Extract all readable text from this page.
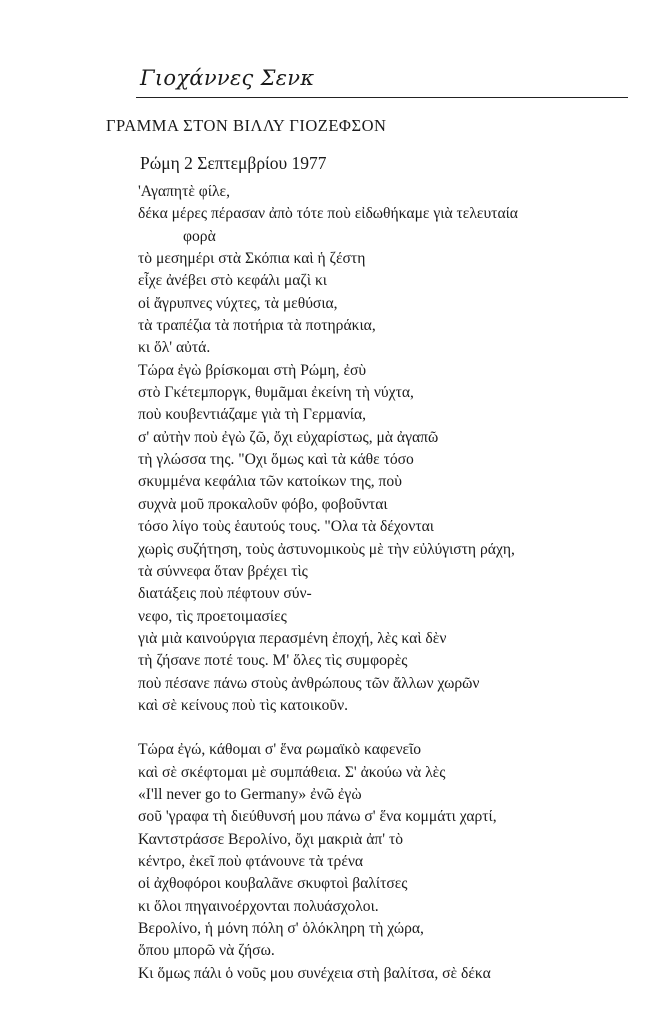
Γιοχάννες Σενκ
ΓΡΑΜΜΑ ΣΤΟΝ ΒΙΛΛΥ ΓΙΟΖΕΦΣΟΝ
Ρώμη 2 Σεπτεμβρίου 1977
'Αγαπητὲ φίλε,
δέκα μέρες πέρασαν ἀπὸ τότε ποὺ εἰδωθήκαμε γιὰ τελευταία
φορὰ
τὸ μεσημέρι στὰ Σκόπια καὶ ἡ ζέστη
εἶχε ἀνέβει στὸ κεφάλι μαζὶ κι
οἱ ἄγρυπνες νύχτες, τὰ μεθύσια,
τὰ τραπέζια τὰ ποτήρια τὰ ποτηράκια,
κι ὅλ' αὐτά.
Τώρα ἐγὼ βρίσκομαι στὴ Ρώμη, ἐσὺ
στὸ Γκέτεμποργκ, θυμᾶμαι ἐκείνη τὴ νύχτα,
ποὺ κουβεντιάζαμε γιὰ τὴ Γερμανία,
σ' αὐτὴν ποὺ ἐγὼ ζῶ, ὄχι εὐχαρίστως, μὰ ἀγαπῶ
τὴ γλώσσα της. "Οχι ὅμως καὶ τὰ κάθε τόσο
σκυμμένα κεφάλια τῶν κατοίκων της, ποὺ
συχνὰ μοῦ προκαλοῦν φόβο, φοβοῦνται
τόσο λίγο τοὺς ἑαυτούς τους. "Ολα τὰ δέχονται
χωρὶς συζήτηση, τοὺς ἀστυνομικοὺς μὲ τὴν εὐλύγιστη ράχη,
τὰ σύννεφα ὅταν βρέχει τὶς
διατάξεις ποὺ πέφτουν σύν-
νεφο, τὶς προετοιμασίες
γιὰ μιὰ καινούργια περασμένη ἐποχή, λὲς καὶ δὲν
τὴ ζήσανε ποτέ τους. Μ' ὅλες τὶς συμφορὲς
ποὺ πέσανε πάνω στοὺς ἀνθρώπους τῶν ἄλλων χωρῶν
καὶ σὲ κείνους ποὺ τὶς κατοικοῦν.
Τώρα ἐγώ, κάθομαι σ' ἕνα ρωμαϊκὸ καφενεῖο
καὶ σὲ σκέφτομαι μὲ συμπάθεια. Σ' ἀκούω νὰ λὲς
«I'll never go to Germany» ἐνῶ ἐγὼ
σοῦ 'γραφα τὴ διεύθυνσή μου πάνω σ' ἕνα κομμάτι χαρτί,
Καντστράσσε Βερολίνο, ὄχι μακριὰ ἀπ' τὸ
κέντρο, ἐκεῖ ποὺ φτάνουνε τὰ τρένα
οἱ ἀχθοφόροι κουβαλᾶνε σκυφτοὶ βαλίτσες
κι ὅλοι πηγαινοέρχονται πολυάσχολοι.
Βερολίνο, ἡ μόνη πόλη σ' ὁλόκληρη τὴ χώρα,
ὅπου μπορῶ νὰ ζήσω.
Κι ὅμως πάλι ὁ νοῦς μου συνέχεια στὴ βαλίτσα, σὲ δέκα
